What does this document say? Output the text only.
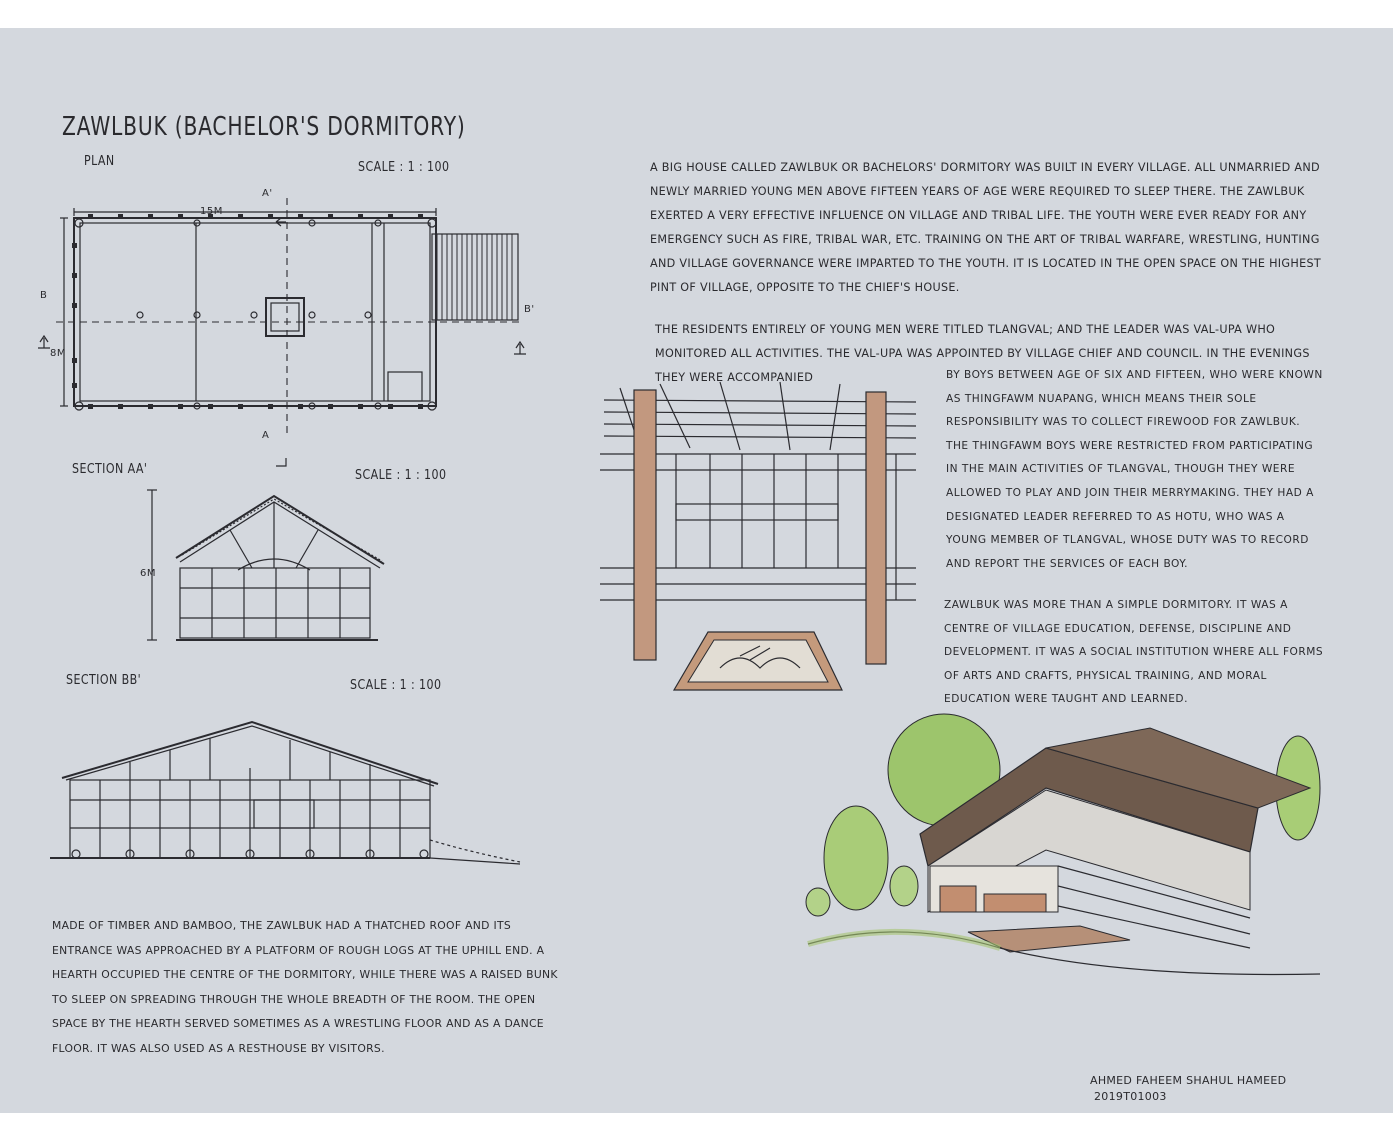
ZAWLBUK (BACHELOR'S DORMITORY)
PLAN	SCALE : 1 : 100
15M
8M
A'
A
B
B'
SECTION AA'	SCALE : 1 : 100
6M
SECTION BB'	SCALE : 1 : 100
MADE OF TIMBER AND BAMBOO, THE ZAWLBUK HAD A THATCHED ROOF AND ITS ENTRANCE WAS APPROACHED BY A PLATFORM OF ROUGH LOGS AT THE UPHILL END. A HEARTH OCCUPIED THE CENTRE OF THE DORMITORY, WHILE THERE WAS A RAISED BUNK TO SLEEP ON SPREADING THROUGH THE WHOLE BREADTH OF THE ROOM. THE OPEN SPACE BY THE HEARTH SERVED SOMETIMES AS A WRESTLING FLOOR AND AS A DANCE FLOOR. IT WAS ALSO USED AS A RESTHOUSE BY VISITORS.
A BIG HOUSE CALLED ZAWLBUK OR BACHELORS' DORMITORY WAS BUILT IN EVERY VILLAGE. ALL UNMARRIED AND NEWLY MARRIED YOUNG MEN ABOVE FIFTEEN YEARS OF AGE WERE REQUIRED TO SLEEP THERE. THE ZAWLBUK EXERTED A VERY EFFECTIVE INFLUENCE ON VILLAGE AND TRIBAL LIFE. THE YOUTH WERE EVER READY FOR ANY EMERGENCY SUCH AS FIRE, TRIBAL WAR, ETC. TRAINING ON THE ART OF TRIBAL WARFARE, WRESTLING, HUNTING AND VILLAGE GOVERNANCE WERE IMPARTED TO THE YOUTH. IT IS LOCATED IN THE OPEN SPACE ON THE HIGHEST PINT OF VILLAGE, OPPOSITE TO THE CHIEF'S HOUSE.
THE RESIDENTS ENTIRELY OF YOUNG MEN WERE TITLED TLANGVAL; AND THE LEADER WAS VAL-UPA WHO MONITORED ALL ACTIVITIES. THE VAL-UPA WAS APPOINTED BY VILLAGE CHIEF AND COUNCIL. IN THE EVENINGS THEY WERE ACCOMPANIED	BY BOYS BETWEEN AGE OF SIX AND FIFTEEN, WHO WERE KNOWN AS THINGFAWM NUAPANG, WHICH MEANS THEIR SOLE RESPONSIBILITY WAS TO COLLECT FIREWOOD FOR ZAWLBUK. THE THINGFAWM BOYS WERE RESTRICTED FROM PARTICIPATING IN THE MAIN ACTIVITIES OF TLANGVAL, THOUGH THEY WERE ALLOWED TO PLAY AND JOIN THEIR MERRYMAKING. THEY HAD A DESIGNATED LEADER REFERRED TO AS HOTU, WHO WAS A YOUNG MEMBER OF TLANGVAL, WHOSE DUTY WAS TO RECORD AND REPORT THE SERVICES OF EACH BOY.
ZAWLBUK WAS MORE THAN A SIMPLE DORMITORY. IT WAS A CENTRE OF VILLAGE EDUCATION, DEFENSE, DISCIPLINE AND DEVELOPMENT. IT WAS A SOCIAL INSTITUTION WHERE ALL FORMS OF ARTS AND CRAFTS, PHYSICAL TRAINING, AND MORAL EDUCATION WERE TAUGHT AND LEARNED.
AHMED FAHEEM SHAHUL HAMEED
2019T01003
